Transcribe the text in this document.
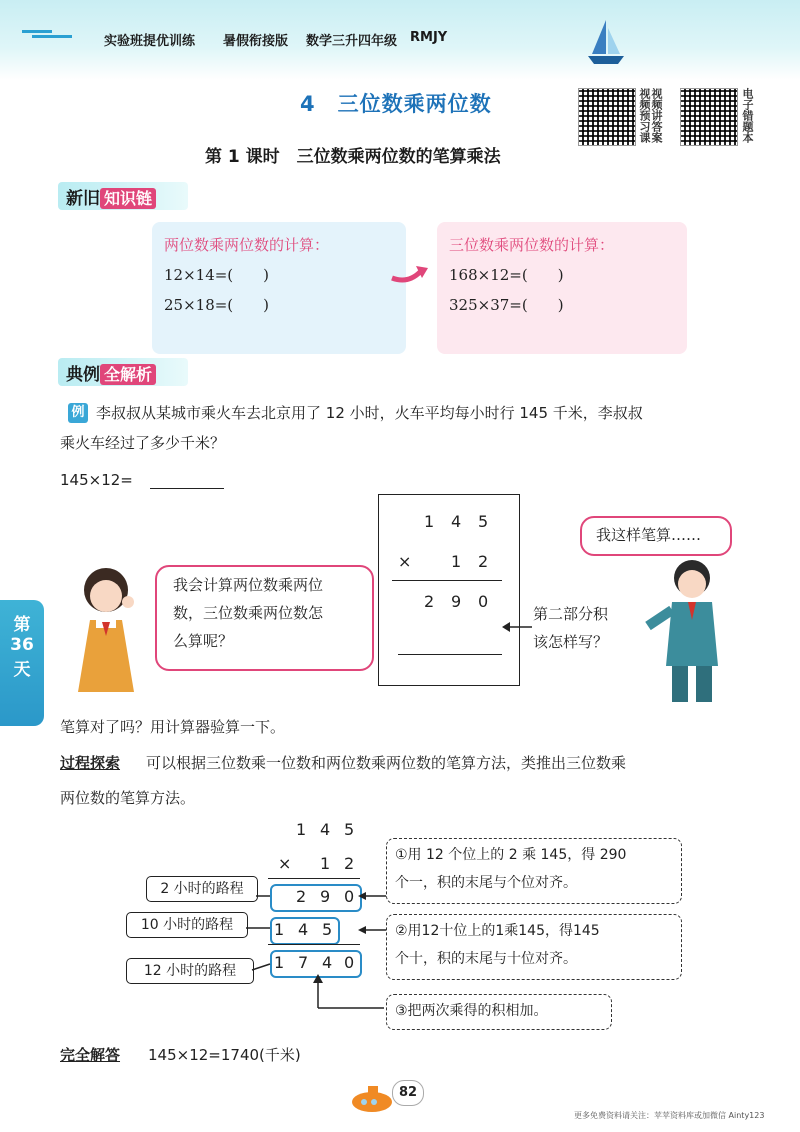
实验班提优训练 暑假衔接版 数学三升四年级 RMJY
4　三位数乘两位数
第 1 课时　三位数乘两位数的笔算乘法
视频讲答案 视频预习课	电子错题本
新旧 知识链
两位数乘两位数的计算：
12×14=(　　)
25×18=(　　)
三位数乘两位数的计算：
168×12=(　　)
325×37=(　　)
典例 全解析
例 李叔叔从某城市乘火车去北京用了 12 小时，火车平均每小时行 145 千米，李叔叔
乘火车经过了多少千米？
145×12=
1 4 5
× 1 2
2 9 0
我会计算两位数乘两位
数，三位数乘两位数怎
么算呢？
我这样笔算……
第二部分积
该怎样写？
第
36
天
笔算对了吗？用计算器验算一下。
过程探索 可以根据三位数乘一位数和两位数乘两位数的笔算方法，类推出三位数乘
两位数的笔算方法。
1 4 5
× 1 2
2 9 0
1 4 5
1 7 4 0
2 小时的路程
10 小时的路程
12 小时的路程
①用 12 个位上的 2 乘 145，得 290
个一，积的末尾与个位对齐。
②用12十位上的1乘145，得145
个十，积的末尾与十位对齐。
③把两次乘得的积相加。
完全解答 145×12=1740(千米)
82
更多免费资料请关注：苹苹资料库或加微信 Ainty123
